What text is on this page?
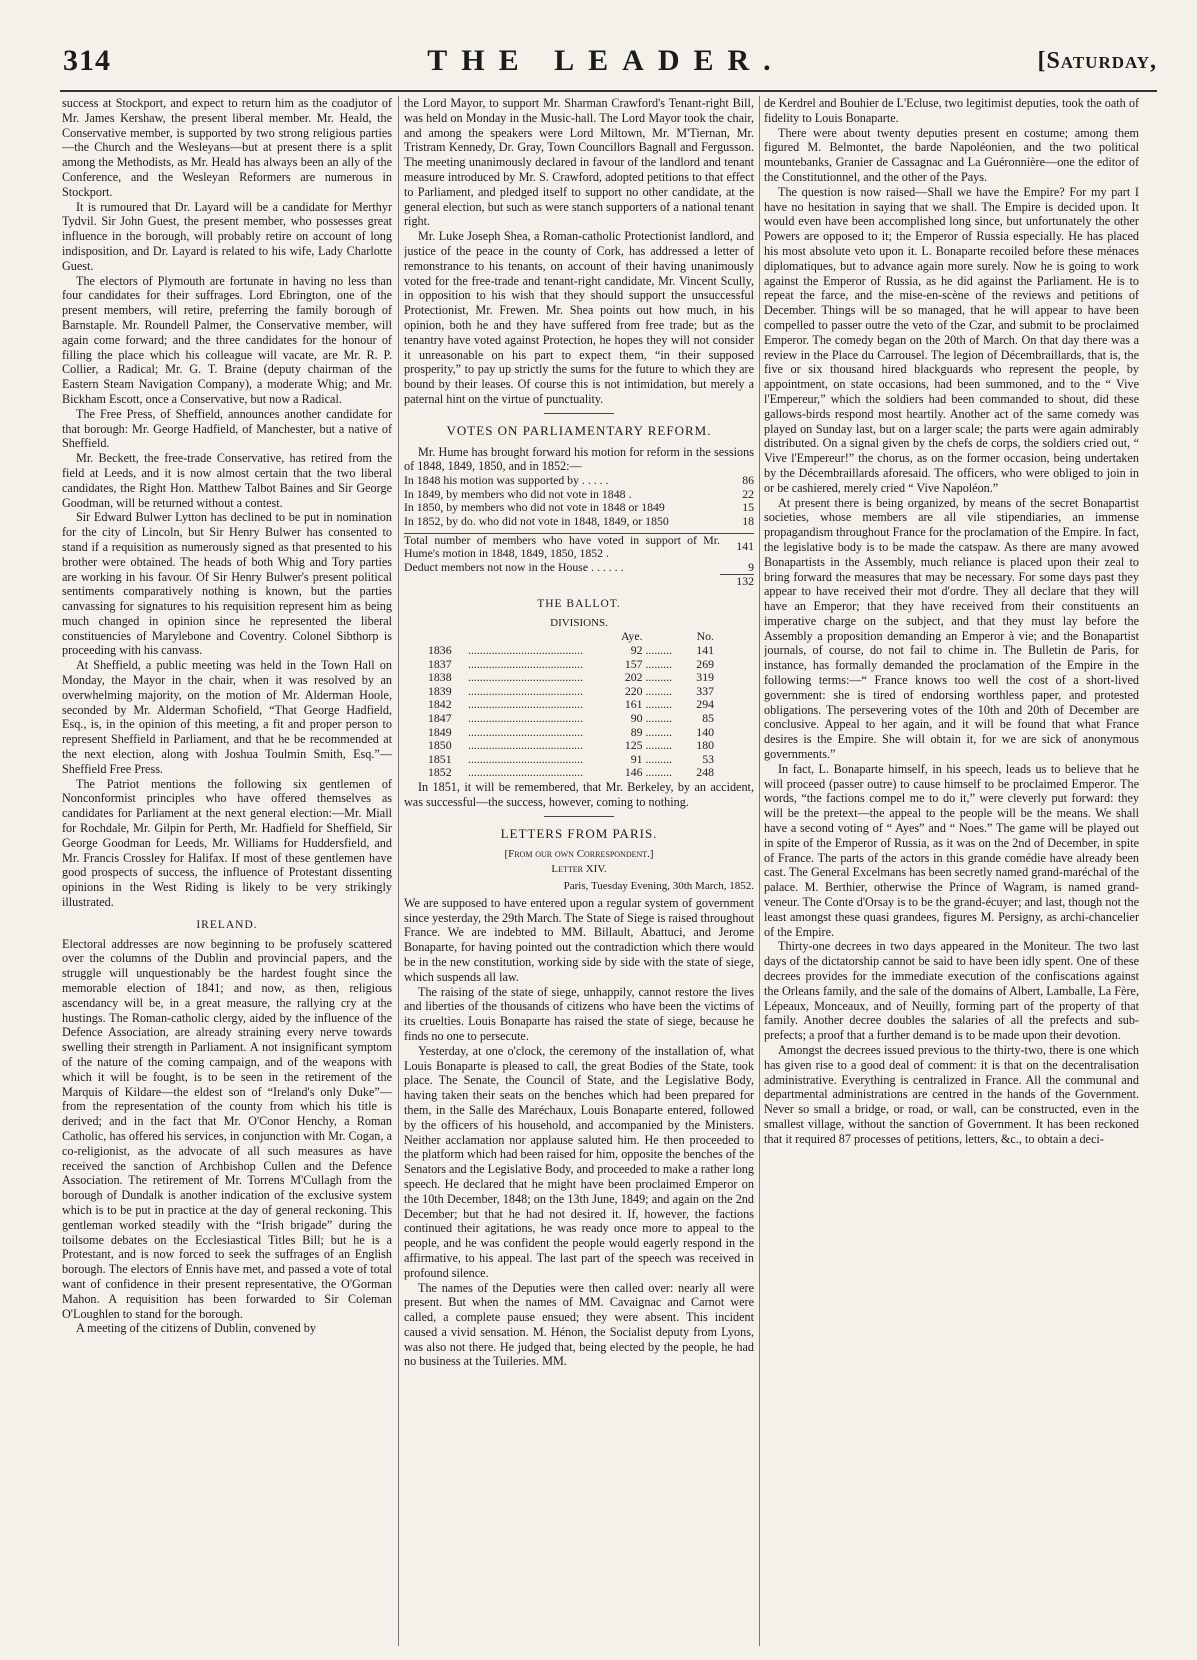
314	THE LEADER.	[Saturday,

success at Stockport, and expect to return him as the coadjutor of Mr. James Kershaw, the present liberal member. Mr. Heald, the Conservative member, is supported by two strong religious parties—the Church and the Wesleyans—but at present there is a split among the Methodists, as Mr. Heald has always been an ally of the Conference, and the Wesleyan Reformers are numerous in Stockport.

It is rumoured that Dr. Layard will be a candidate for Merthyr Tydvil. Sir John Guest, the present member, who possesses great influence in the borough, will probably retire on account of long indisposition, and Dr. Layard is related to his wife, Lady Charlotte Guest.

The electors of Plymouth are fortunate in having no less than four candidates for their suffrages. Lord Ebrington, one of the present members, will retire, preferring the family borough of Barnstaple. Mr. Roundell Palmer, the Conservative member, will again come forward; and the three candidates for the honour of filling the place which his colleague will vacate, are Mr. R. P. Collier, a Radical; Mr. G. T. Braine (deputy chairman of the Eastern Steam Navigation Company), a moderate Whig; and Mr. Bickham Escott, once a Conservative, but now a Radical.

The Free Press, of Sheffield, announces another candidate for that borough: Mr. George Hadfield, of Manchester, but a native of Sheffield.

Mr. Beckett, the free-trade Conservative, has retired from the field at Leeds, and it is now almost certain that the two liberal candidates, the Right Hon. Matthew Talbot Baines and Sir George Goodman, will be returned without a contest.

Sir Edward Bulwer Lytton has declined to be put in nomination for the city of Lincoln, but Sir Henry Bulwer has consented to stand if a requisition as numerously signed as that presented to his brother were obtained. The heads of both Whig and Tory parties are working in his favour. Of Sir Henry Bulwer's present political sentiments comparatively nothing is known, but the parties canvassing for signatures to his requisition represent him as being much changed in opinion since he represented the liberal constituencies of Marylebone and Coventry. Colonel Sibthorp is proceeding with his canvass.

At Sheffield, a public meeting was held in the Town Hall on Monday, the Mayor in the chair, when it was resolved by an overwhelming majority, on the motion of Mr. Alderman Hoole, seconded by Mr. Alderman Schofield, “That George Hadfield, Esq., is, in the opinion of this meeting, a fit and proper person to represent Sheffield in Parliament, and that he be recommended at the next election, along with Joshua Toulmin Smith, Esq.”—Sheffield Free Press.

The Patriot mentions the following six gentlemen of Nonconformist principles who have offered themselves as candidates for Parliament at the next general election:—Mr. Miall for Rochdale, Mr. Gilpin for Perth, Mr. Hadfield for Sheffield, Sir George Goodman for Leeds, Mr. Williams for Huddersfield, and Mr. Francis Crossley for Halifax. If most of these gentlemen have good prospects of success, the influence of Protestant dissenting opinions in the West Riding is likely to be very strikingly illustrated.

IRELAND.

Electoral addresses are now beginning to be profusely scattered over the columns of the Dublin and provincial papers, and the struggle will unquestionably be the hardest fought since the memorable election of 1841; and now, as then, religious ascendancy will be, in a great measure, the rallying cry at the hustings. The Roman-catholic clergy, aided by the influence of the Defence Association, are already straining every nerve towards swelling their strength in Parliament. A not insignificant symptom of the nature of the coming campaign, and of the weapons with which it will be fought, is to be seen in the retirement of the Marquis of Kildare—the eldest son of “Ireland's only Duke”—from the representation of the county from which his title is derived; and in the fact that Mr. O'Conor Henchy, a Roman Catholic, has offered his services, in conjunction with Mr. Cogan, a co-religionist, as the advocate of all such measures as have received the sanction of Archbishop Cullen and the Defence Association. The retirement of Mr. Torrens M'Cullagh from the borough of Dundalk is another indication of the exclusive system which is to be put in practice at the day of general reckoning. This gentleman worked steadily with the “Irish brigade” during the toilsome debates on the Ecclesiastical Titles Bill; but he is a Protestant, and is now forced to seek the suffrages of an English borough. The electors of Ennis have met, and passed a vote of total want of confidence in their present representative, the O'Gorman Mahon. A requisition has been forwarded to Sir Coleman O'Loughlen to stand for the borough.

A meeting of the citizens of Dublin, convened by

the Lord Mayor, to support Mr. Sharman Crawford's Tenant-right Bill, was held on Monday in the Music-hall. The Lord Mayor took the chair, and among the speakers were Lord Miltown, Mr. M'Tiernan, Mr. Tristram Kennedy, Dr. Gray, Town Councillors Bagnall and Fergusson. The meeting unanimously declared in favour of the landlord and tenant measure introduced by Mr. S. Crawford, adopted petitions to that effect to Parliament, and pledged itself to support no other candidate, at the general election, but such as were stanch supporters of a national tenant right.

Mr. Luke Joseph Shea, a Roman-catholic Protectionist landlord, and justice of the peace in the county of Cork, has addressed a letter of remonstrance to his tenants, on account of their having unanimously voted for the free-trade and tenant-right candidate, Mr. Vincent Scully, in opposition to his wish that they should support the unsuccessful Protectionist, Mr. Frewen. Mr. Shea points out how much, in his opinion, both he and they have suffered from free trade; but as the tenantry have voted against Protection, he hopes they will not consider it unreasonable on his part to expect them, “in their supposed prosperity,” to pay up strictly the sums for the future to which they are bound by their leases. Of course this is not intimidation, but merely a paternal hint on the virtue of punctuality.

VOTES ON PARLIAMENTARY REFORM.

Mr. Hume has brought forward his motion for reform in the sessions of 1848, 1849, 1850, and in 1852:—

In 1848 his motion was supported by . . . . .	86
In 1849, by members who did not vote in 1848 .	22
In 1850, by members who did not vote in 1848 or 1849	15
In 1852, by do. who did not vote in 1848, 1849, or 1850	18
Total number of members who have voted in support of Mr. Hume's motion in 1848, 1849, 1850, 1852 .	141
Deduct members not now in the House . . . . . .	9
	132
THE BALLOT.
DIVISIONS.
		Aye.		No.
1836	.......................................	92	.........	141
1837	.......................................	157	.........	269
1838	.......................................	202	.........	319
1839	.......................................	220	.........	337
1842	.......................................	161	.........	294
1847	.......................................	90	.........	85
1849	.......................................	89	.........	140
1850	.......................................	125	.........	180
1851	.......................................	91	.........	53
1852	.......................................	146	.........	248

In 1851, it will be remembered, that Mr. Berkeley, by an accident, was successful—the success, however, coming to nothing.

LETTERS FROM PARIS.
[From our own Correspondent.]
Letter XIV.
Paris, Tuesday Evening, 30th March, 1852.

We are supposed to have entered upon a regular system of government since yesterday, the 29th March. The State of Siege is raised throughout France. We are indebted to MM. Billault, Abattuci, and Jerome Bonaparte, for having pointed out the contradiction which there would be in the new constitution, working side by side with the state of siege, which suspends all law.

The raising of the state of siege, unhappily, cannot restore the lives and liberties of the thousands of citizens who have been the victims of its cruelties. Louis Bonaparte has raised the state of siege, because he finds no one to persecute.

Yesterday, at one o'clock, the ceremony of the installation of, what Louis Bonaparte is pleased to call, the great Bodies of the State, took place. The Senate, the Council of State, and the Legislative Body, having taken their seats on the benches which had been prepared for them, in the Salle des Maréchaux, Louis Bonaparte entered, followed by the officers of his household, and accompanied by the Ministers. Neither acclamation nor applause saluted him. He then proceeded to the platform which had been raised for him, opposite the benches of the Senators and the Legislative Body, and proceeded to make a rather long speech. He declared that he might have been proclaimed Emperor on the 10th December, 1848; on the 13th June, 1849; and again on the 2nd December; but that he had not desired it. If, however, the factions continued their agitations, he was ready once more to appeal to the people, and he was confident the people would eagerly respond in the affirmative, to his appeal. The last part of the speech was received in profound silence.

The names of the Deputies were then called over: nearly all were present. But when the names of MM. Cavaignac and Carnot were called, a complete pause ensued; they were absent. This incident caused a vivid sensation. M. Hénon, the Socialist deputy from Lyons, was also not there. He judged that, being elected by the people, he had no business at the Tuileries. MM.

de Kerdrel and Bouhier de L'Ecluse, two legitimist deputies, took the oath of fidelity to Louis Bonaparte.

There were about twenty deputies present en costume; among them figured M. Belmontet, the barde Napoléonien, and the two political mountebanks, Granier de Cassagnac and La Guéronnière—one the editor of the Constitutionnel, and the other of the Pays.

The question is now raised—Shall we have the Empire? For my part I have no hesitation in saying that we shall. The Empire is decided upon. It would even have been accomplished long since, but unfortunately the other Powers are opposed to it; the Emperor of Russia especially. He has placed his most absolute veto upon it. L. Bonaparte recoiled before these ménaces diplomatiques, but to advance again more surely. Now he is going to work against the Emperor of Russia, as he did against the Parliament. He is to repeat the farce, and the mise-en-scène of the reviews and petitions of December. Things will be so managed, that he will appear to have been compelled to passer outre the veto of the Czar, and submit to be proclaimed Emperor. The comedy began on the 20th of March. On that day there was a review in the Place du Carrousel. The legion of Décembraillards, that is, the five or six thousand hired blackguards who represent the people, by appointment, on state occasions, had been summoned, and to the “ Vive l'Empereur,” which the soldiers had been commanded to shout, did these gallows-birds respond most heartily. Another act of the same comedy was played on Sunday last, but on a larger scale; the parts were again admirably distributed. On a signal given by the chefs de corps, the soldiers cried out, “ Vive l'Empereur!” the chorus, as on the former occasion, being undertaken by the Décembraillards aforesaid. The officers, who were obliged to join in or be cashiered, merely cried “ Vive Napoléon.”

At present there is being organized, by means of the secret Bonapartist societies, whose members are all vile stipendiaries, an immense propagandism throughout France for the proclamation of the Empire. In fact, the legislative body is to be made the catspaw. As there are many avowed Bonapartists in the Assembly, much reliance is placed upon their zeal to bring forward the measures that may be necessary. For some days past they appear to have received their mot d'ordre. They all declare that they will have an Emperor; that they have received from their constituents an imperative charge on the subject, and that they must lay before the Assembly a proposition demanding an Emperor à vie; and the Bonapartist journals, of course, do not fail to chime in. The Bulletin de Paris, for instance, has formally demanded the proclamation of the Empire in the following terms:—“ France knows too well the cost of a short-lived government: she is tired of endorsing worthless paper, and protested obligations. The persevering votes of the 10th and 20th of December are conclusive. Appeal to her again, and it will be found that what France desires is the Empire. She will obtain it, for we are sick of anonymous governments.”

In fact, L. Bonaparte himself, in his speech, leads us to believe that he will proceed (passer outre) to cause himself to be proclaimed Emperor. The words, “the factions compel me to do it,” were cleverly put forward: they will be the pretext—the appeal to the people will be the means. We shall have a second voting of “ Ayes” and “ Noes.” The game will be played out in spite of the Emperor of Russia, as it was on the 2nd of December, in spite of France. The parts of the actors in this grande comédie have already been cast. The General Excelmans has been secretly named grand-maréchal of the palace. M. Berthier, otherwise the Prince of Wagram, is named grand-veneur. The Conte d'Orsay is to be the grand-écuyer; and last, though not the least amongst these quasi grandees, figures M. Persigny, as archi-chancelier of the Empire.

Thirty-one decrees in two days appeared in the Moniteur. The two last days of the dictatorship cannot be said to have been idly spent. One of these decrees provides for the immediate execution of the confiscations against the Orleans family, and the sale of the domains of Albert, Lamballe, La Fère, Lépeaux, Monceaux, and of Neuilly, forming part of the property of that family. Another decree doubles the salaries of all the prefects and sub-prefects; a proof that a further demand is to be made upon their devotion.

Amongst the decrees issued previous to the thirty-two, there is one which has given rise to a good deal of comment: it is that on the decentralisation administrative. Everything is centralized in France. All the communal and departmental administrations are centred in the hands of the Government. Never so small a bridge, or road, or wall, can be constructed, even in the smallest village, without the sanction of Government. It has been reckoned that it required 87 processes of petitions, letters, &c., to obtain a deci-
